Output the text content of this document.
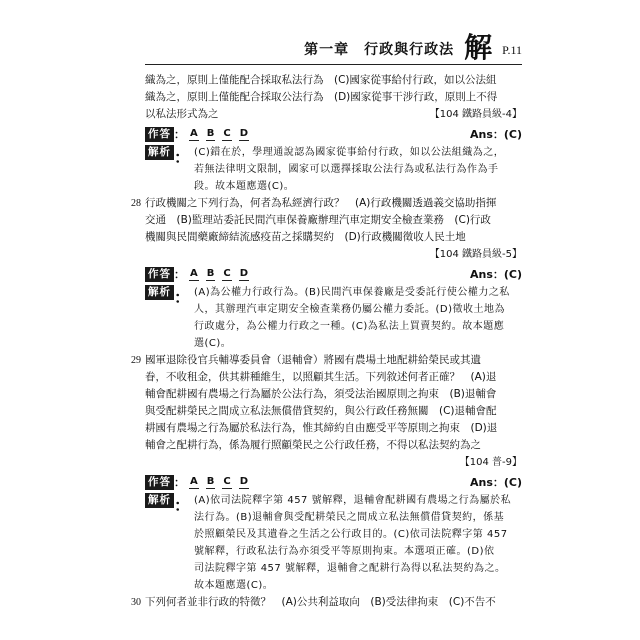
第一章　行政與行政法 解 P.11
織為之，原則上僅能配合採取私法行為　(C)國家從事給付行政，如以公法組
織為之，原則上僅能配合採取公法行為　(D)國家從事干涉行政，原則上不得
以私法形式為之	【104 鐵路員級-4】
作答 ： A B C D	Ans：(C)
解析 ： (C)錯在於，學理通說認為國家從事給付行政，如以公法組織為之，
若無法律明文限制，國家可以選擇採取公法行為或私法行為作為手
段。故本題應選(C)。
28 行政機關之下列行為，何者為私經濟行政？　(A)行政機關透過義交協助指揮
交通　(B)監理站委託民間汽車保養廠辦理汽車定期安全檢查業務　(C)行政
機關與民間藥廠締結流感疫苗之採購契約　(D)行政機關徵收人民土地
【104 鐵路員級-5】
作答 ： A B C D	Ans：(C)
解析 ： (A)為公權力行政行為。(B)民間汽車保養廠是受委託行使公權力之私
人，其辦理汽車定期安全檢查業務仍屬公權力委託。(D)徵收土地為
行政處分，為公權力行政之一種。(C)為私法上買賣契約。故本題應
選(C)。
29 國軍退除役官兵輔導委員會（退輔會）將國有農場土地配耕給榮民或其遺
眷，不收租金，供其耕種維生，以照顧其生活。下列敘述何者正確？　(A)退
輔會配耕國有農場之行為屬於公法行為，須受法治國原則之拘束　(B)退輔會
與受配耕榮民之間成立私法無償借貸契約，與公行政任務無關　(C)退輔會配
耕國有農場之行為屬於私法行為，惟其締約自由應受平等原則之拘束　(D)退
輔會之配耕行為，係為履行照顧榮民之公行政任務，不得以私法契約為之
【104 普-9】
作答 ： A B C D	Ans：(C)
解析 ： (A)依司法院釋字第 457 號解釋，退輔會配耕國有農場之行為屬於私
法行為。(B)退輔會與受配耕榮民之間成立私法無償借貸契約，係基
於照顧榮民及其遺眷之生活之公行政目的。(C)依司法院釋字第 457
號解釋，行政私法行為亦須受平等原則拘束。本選項正確。(D)依
司法院釋字第 457 號解釋，退輔會之配耕行為得以私法契約為之。
故本題應選(C)。
30 下列何者並非行政的特徵？　(A)公共利益取向　(B)受法律拘束　(C)不告不
